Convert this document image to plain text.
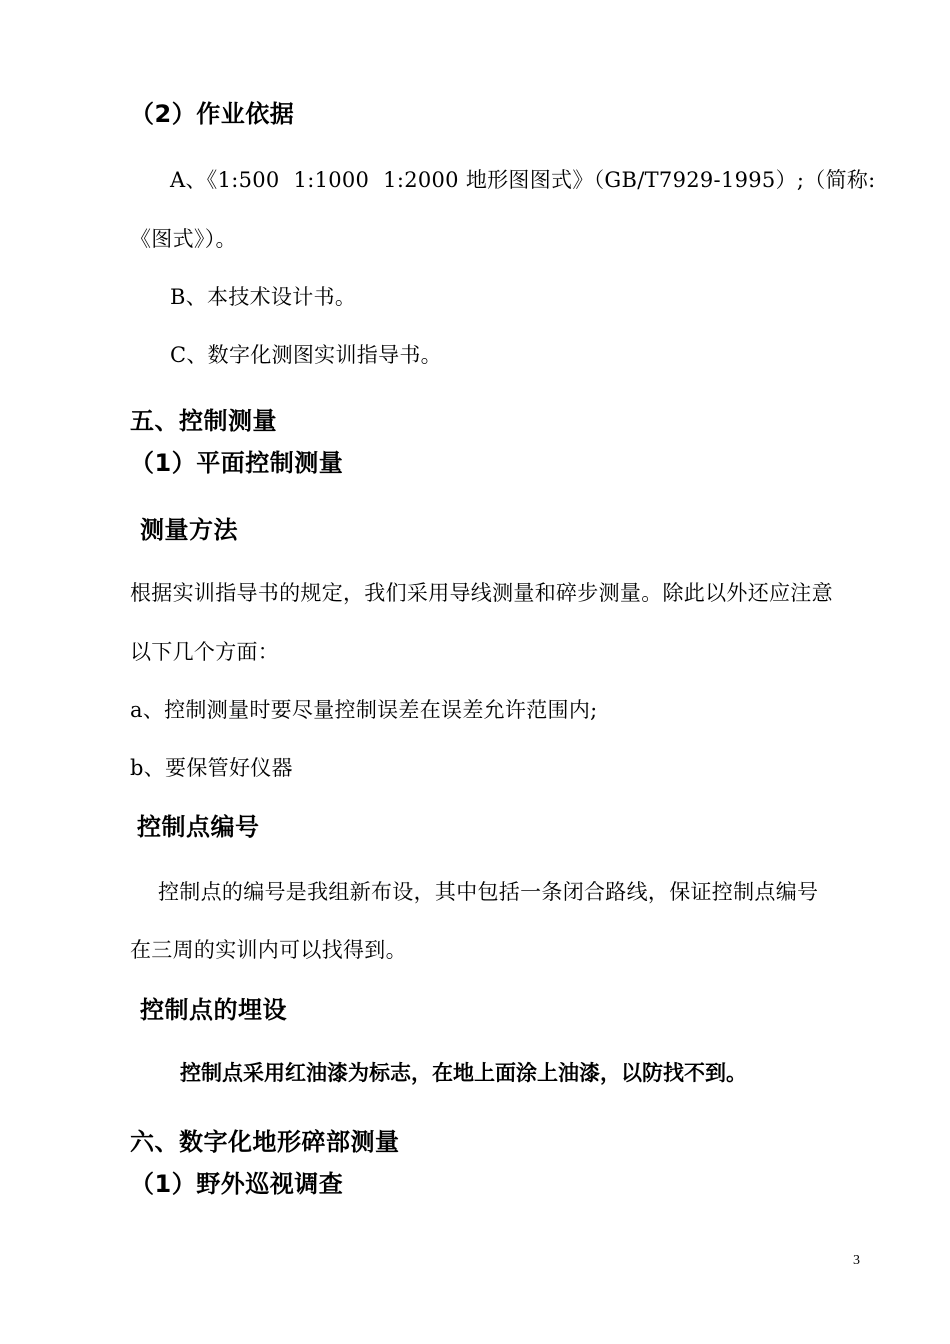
（2）作业依据

A、《1:500  1:1000  1:2000 地形图图式》（GB/T7929-1995）;（简称:

《图式》）。

B、本技术设计书。

C、数字化测图实训指导书。

五、控制测量

（1）平面控制测量

测量方法

根据实训指导书的规定，我们采用导线测量和碎步测量。除此以外还应注意

以下几个方面：

a、控制测量时要尽量控制误差在误差允许范围内;

b、要保管好仪器

控制点编号

控制点的编号是我组新布设，其中包括一条闭合路线，保证控制点编号

在三周的实训内可以找得到。

控制点的埋设

控制点采用红油漆为标志，在地上面涂上油漆，以防找不到。

六、数字化地形碎部测量

（1）野外巡视调查

3
